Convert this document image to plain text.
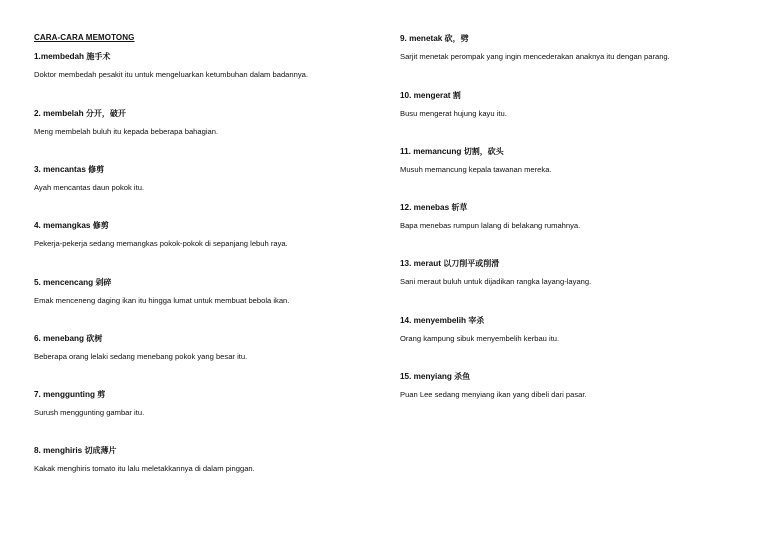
CARA-CARA MEMOTONG
1.membedah 施手术
Doktor membedah pesakit itu untuk mengeluarkan ketumbuhan dalam badannya.
2. membelah 分开，破开
Meng membelah buluh itu kepada beberapa bahagian.
3. mencantas 修剪
Ayah mencantas daun pokok itu.
4. memangkas 修剪
Pekerja-pekerja sedang memangkas pokok-pokok di sepanjang lebuh raya.
5. mencencang 剁碎
Emak menceneng daging ikan itu hingga lumat untuk membuat bebola ikan.
6. menebang 砍树
Beberapa orang lelaki sedang menebang pokok yang besar itu.
7. menggunting 剪
Surush menggunting gambar itu.
8. menghiris 切成薄片
Kakak menghiris tomato itu lalu meletakkannya di dalam pinggan.
9. menetak 砍，劈
Sarjit menetak perompak yang ingin mencederakan anaknya itu dengan parang.
10. mengerat 割
Busu mengerat hujung kayu itu.
11. memancung 切割，砍头
Musuh memancung kepala tawanan mereka.
12. menebas 斩草
Bapa menebas rumpun lalang di belakang rumahnya.
13. meraut 以刀削平或削滑
Sani meraut buluh untuk dijadikan rangka layang-layang.
14. menyembelih 宰杀
Orang kampung sibuk menyembelih kerbau itu.
15. menyiang 杀鱼
Puan Lee sedang menyiang ikan yang dibeli dari pasar.
